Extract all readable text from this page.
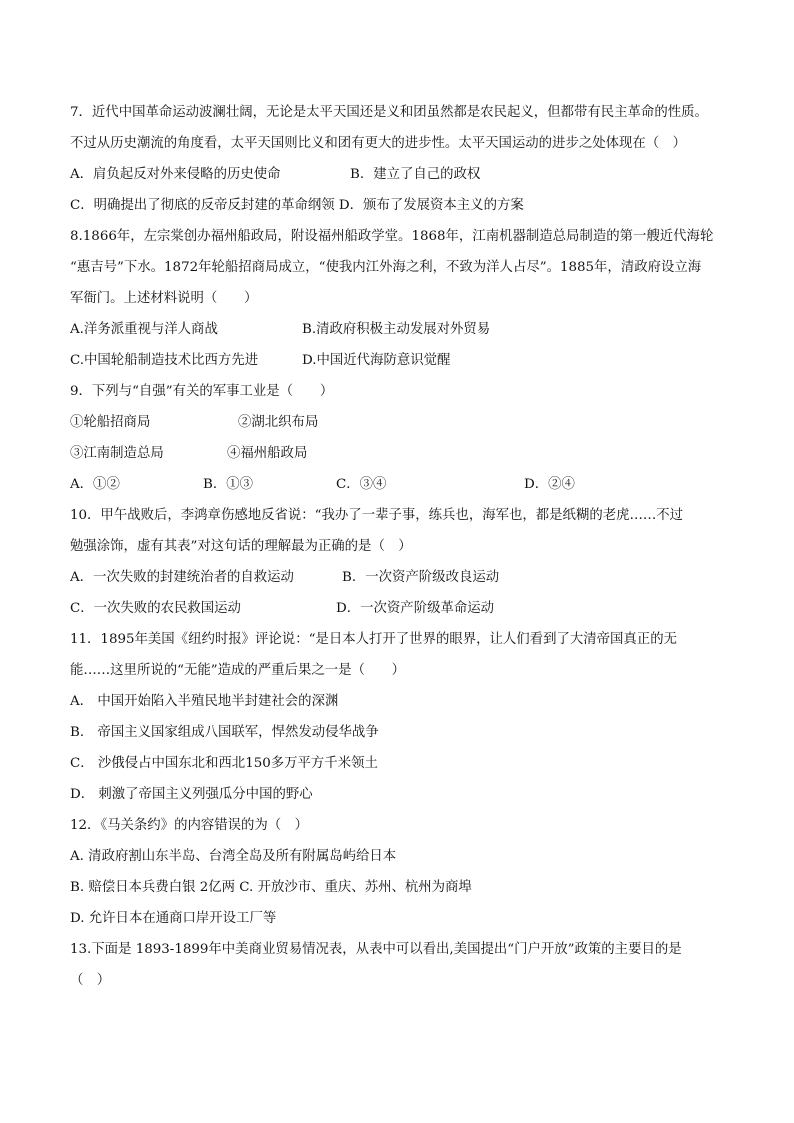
7．近代中国革命运动波澜壮阔，无论是太平天国还是义和团虽然都是农民起义，但都带有民主革命的性质。
不过从历史潮流的角度看，太平天国则比义和团有更大的进步性。太平天国运动的进步之处体现在（　）
A．肩负起反对外来侵略的历史使命	B．建立了自己的政权
C．明确提出了彻底的反帝反封建的革命纲领 D．颁布了发展资本主义的方案
8.1866年，左宗棠创办福州船政局，附设福州船政学堂。1868年，江南机器制造总局制造的第一艘近代海轮
“惠吉号”下水。1872年轮船招商局成立，“使我内江外海之利，不致为洋人占尽”。1885年，清政府设立海
军衙门。上述材料说明（　　）
A.洋务派重视与洋人商战	B.清政府积极主动发展对外贸易
C.中国轮船制造技术比西方先进	D.中国近代海防意识觉醒
9．下列与“自强”有关的军事工业是（　　）
①轮船招商局	②湖北织布局
③江南制造总局	④福州船政局
A．①②	B．①③	C．③④	D．②④
10．甲午战败后，李鸿章伤感地反省说：“我办了一辈子事，练兵也，海军也，都是纸糊的老虎……不过
勉强涂饰，虚有其表”对这句话的理解最为正确的是（　）
A．一次失败的封建统治者的自救运动	B．一次资产阶级改良运动
C．一次失败的农民救国运动	D．一次资产阶级革命运动
11．1895年美国《纽约时报》评论说：“是日本人打开了世界的眼界，让人们看到了大清帝国真正的无
能……这里所说的“无能”造成的严重后果之一是（　　）
A． 中国开始陷入半殖民地半封建社会的深渊
B． 帝国主义国家组成八国联军，悍然发动侵华战争
C． 沙俄侵占中国东北和西北150多万平方千米领土
D． 刺激了帝国主义列强瓜分中国的野心
12．《马关条约》的内容错误的为（　）
A. 清政府割山东半岛、台湾全岛及所有附属岛屿给日本
B. 赔偿日本兵费白银 2亿两 C. 开放沙市、重庆、苏州、杭州为商埠
D. 允许日本在通商口岸开设工厂等
13.下面是 1893-1899年中美商业贸易情况表，从表中可以看出,美国提出“门户开放”政策的主要目的是
（　）
